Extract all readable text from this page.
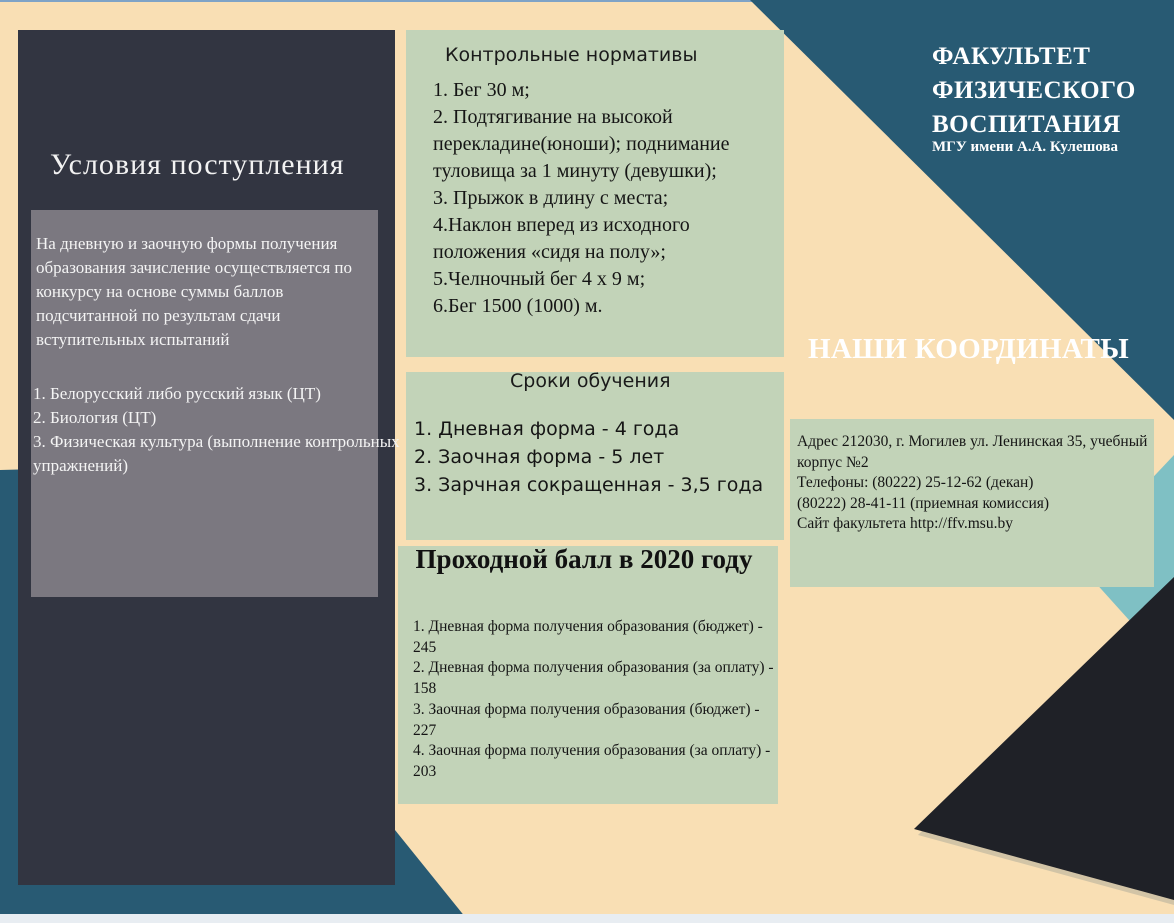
Условия поступления
На дневную и заочную формы получения образования зачисление осуществляется по конкурсу на основе суммы баллов подсчитанной по результам сдачи вступительных испытаний
1. Белорусский либо русский язык (ЦТ)
2. Биология (ЦТ)
3. Физическая культура (выполнение контрольных упражнений)
Контрольные нормативы
1. Бег 30 м;
2. Подтягивание на высокой перекладине(юноши); поднимание туловища за 1 минуту (девушки);
3. Прыжок в длину с места;
4.Наклон вперед из исходного положения «сидя на полу»;
5.Челночный бег 4 х 9 м;
6.Бег 1500 (1000) м.
Сроки обучения
1. Дневная форма - 4 года
2. Заочная форма - 5 лет
3. Зарчная сокращенная - 3,5 года
Проходной балл в 2020 году
1. Дневная форма получения образования (бюджет) - 245
2. Дневная форма получения образования (за оплату) - 158
3. Заочная форма получения образования (бюджет) - 227
4. Заочная форма получения образования (за оплату) - 203
ФАКУЛЬТЕТ ФИЗИЧЕСКОГО ВОСПИТАНИЯ
МГУ имени А.А. Кулешова
НАШИ КООРДИНАТЫ
Адрес 212030, г. Могилев ул. Ленинская 35, учебный корпус №2
Телефоны: (80222) 25-12-62 (декан)
(80222) 28-41-11 (приемная комиссия)
Сайт факультета http://ffv.msu.by
